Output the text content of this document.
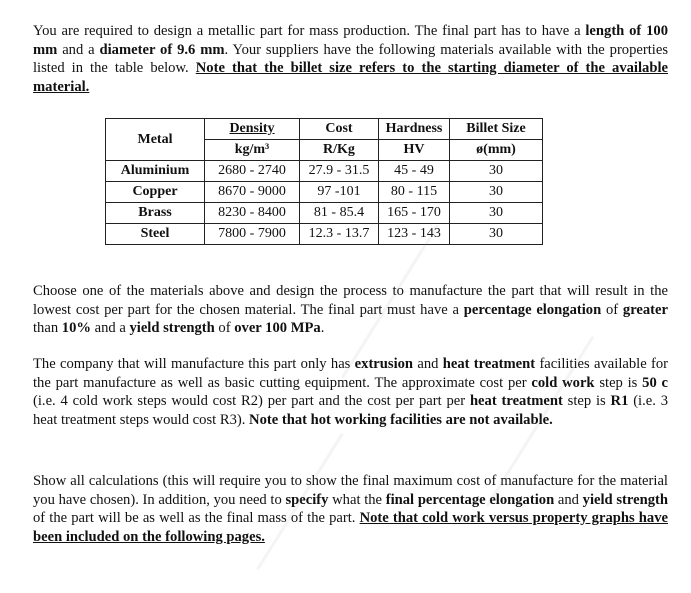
You are required to design a metallic part for mass production. The final part has to have a length of 100 mm and a diameter of 9.6 mm. Your suppliers have the following materials available with the properties listed in the table below. Note that the billet size refers to the starting diameter of the available material.

Metal	Density	Cost	Hardness	Billet Size
	kg/m³	R/Kg	HV	ø(mm)
Aluminium	2680 - 2740	27.9 - 31.5	45 - 49	30
Copper	8670 - 9000	97 -101	80 - 115	30
Brass	8230 - 8400	81 - 85.4	165 - 170	30
Steel	7800 - 7900	12.3 - 13.7	123 - 143	30

Choose one of the materials above and design the process to manufacture the part that will result in the lowest cost per part for the chosen material. The final part must have a percentage elongation of greater than 10% and a yield strength of over 100 MPa.

The company that will manufacture this part only has extrusion and heat treatment facilities available for the part manufacture as well as basic cutting equipment. The approximate cost per cold work step is 50 c (i.e. 4 cold work steps would cost R2) per part and the cost per part per heat treatment step is R1 (i.e. 3 heat treatment steps would cost R3). Note that hot working facilities are not available.

Show all calculations (this will require you to show the final maximum cost of manufacture for the material you have chosen). In addition, you need to specify what the final percentage elongation and yield strength of the part will be as well as the final mass of the part. Note that cold work versus property graphs have been included on the following pages.
